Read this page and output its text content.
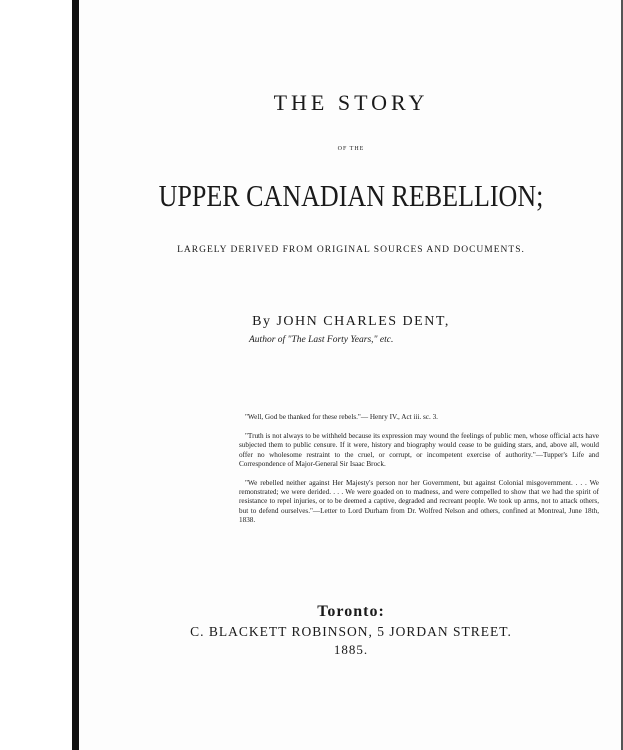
THE STORY
OF THE
UPPER CANADIAN REBELLION;
LARGELY DERIVED FROM ORIGINAL SOURCES AND DOCUMENTS.
By JOHN CHARLES DENT,
Author of "The Last Forty Years," etc.

"Well, God be thanked for these rebels."— Henry IV., Act iii. sc. 3.

"Truth is not always to be withheld because its expression may wound the feelings of public men, whose official acts have subjected them to public censure. If it were, history and biography would cease to be guiding stars, and, above all, would offer no wholesome restraint to the cruel, or corrupt, or incompetent exercise of authority."—Tupper's Life and Correspondence of Major-General Sir Isaac Brock.

"We rebelled neither against Her Majesty's person nor her Government, but against Colonial misgovernment. . . . We remonstrated; we were derided. . . . We were goaded on to madness, and were compelled to show that we had the spirit of resistance to repel injuries, or to be deemed a captive, degraded and recreant people. We took up arms, not to attack others, but to defend ourselves."—Letter to Lord Durham from Dr. Wolfred Nelson and others, confined at Montreal, June 18th, 1838.

Toronto:
C. BLACKETT ROBINSON, 5 JORDAN STREET.
1885.
